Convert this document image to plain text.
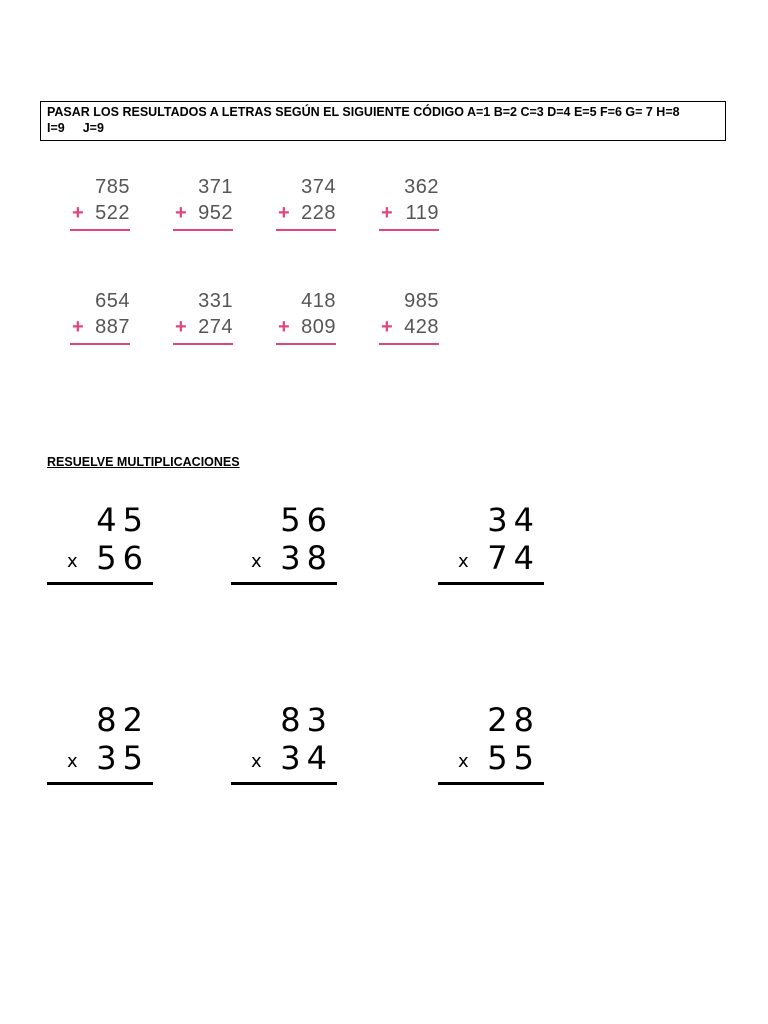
PASAR LOS RESULTADOS A LETRAS SEGÚN EL SIGUIENTE CÓDIGO A=1 B=2 C=3 D=4 E=5 F=6 G= 7 H=8
I=9 J=9
785
+ 522
371
+ 952
374
+ 228
362
+ 119
654
+ 887
331
+ 274
418
+ 809
985
+ 428
RESUELVE MULTIPLICACIONES
45
x 56
56
x 38
34
x 74
82
x 35
83
x 34
28
x 55
